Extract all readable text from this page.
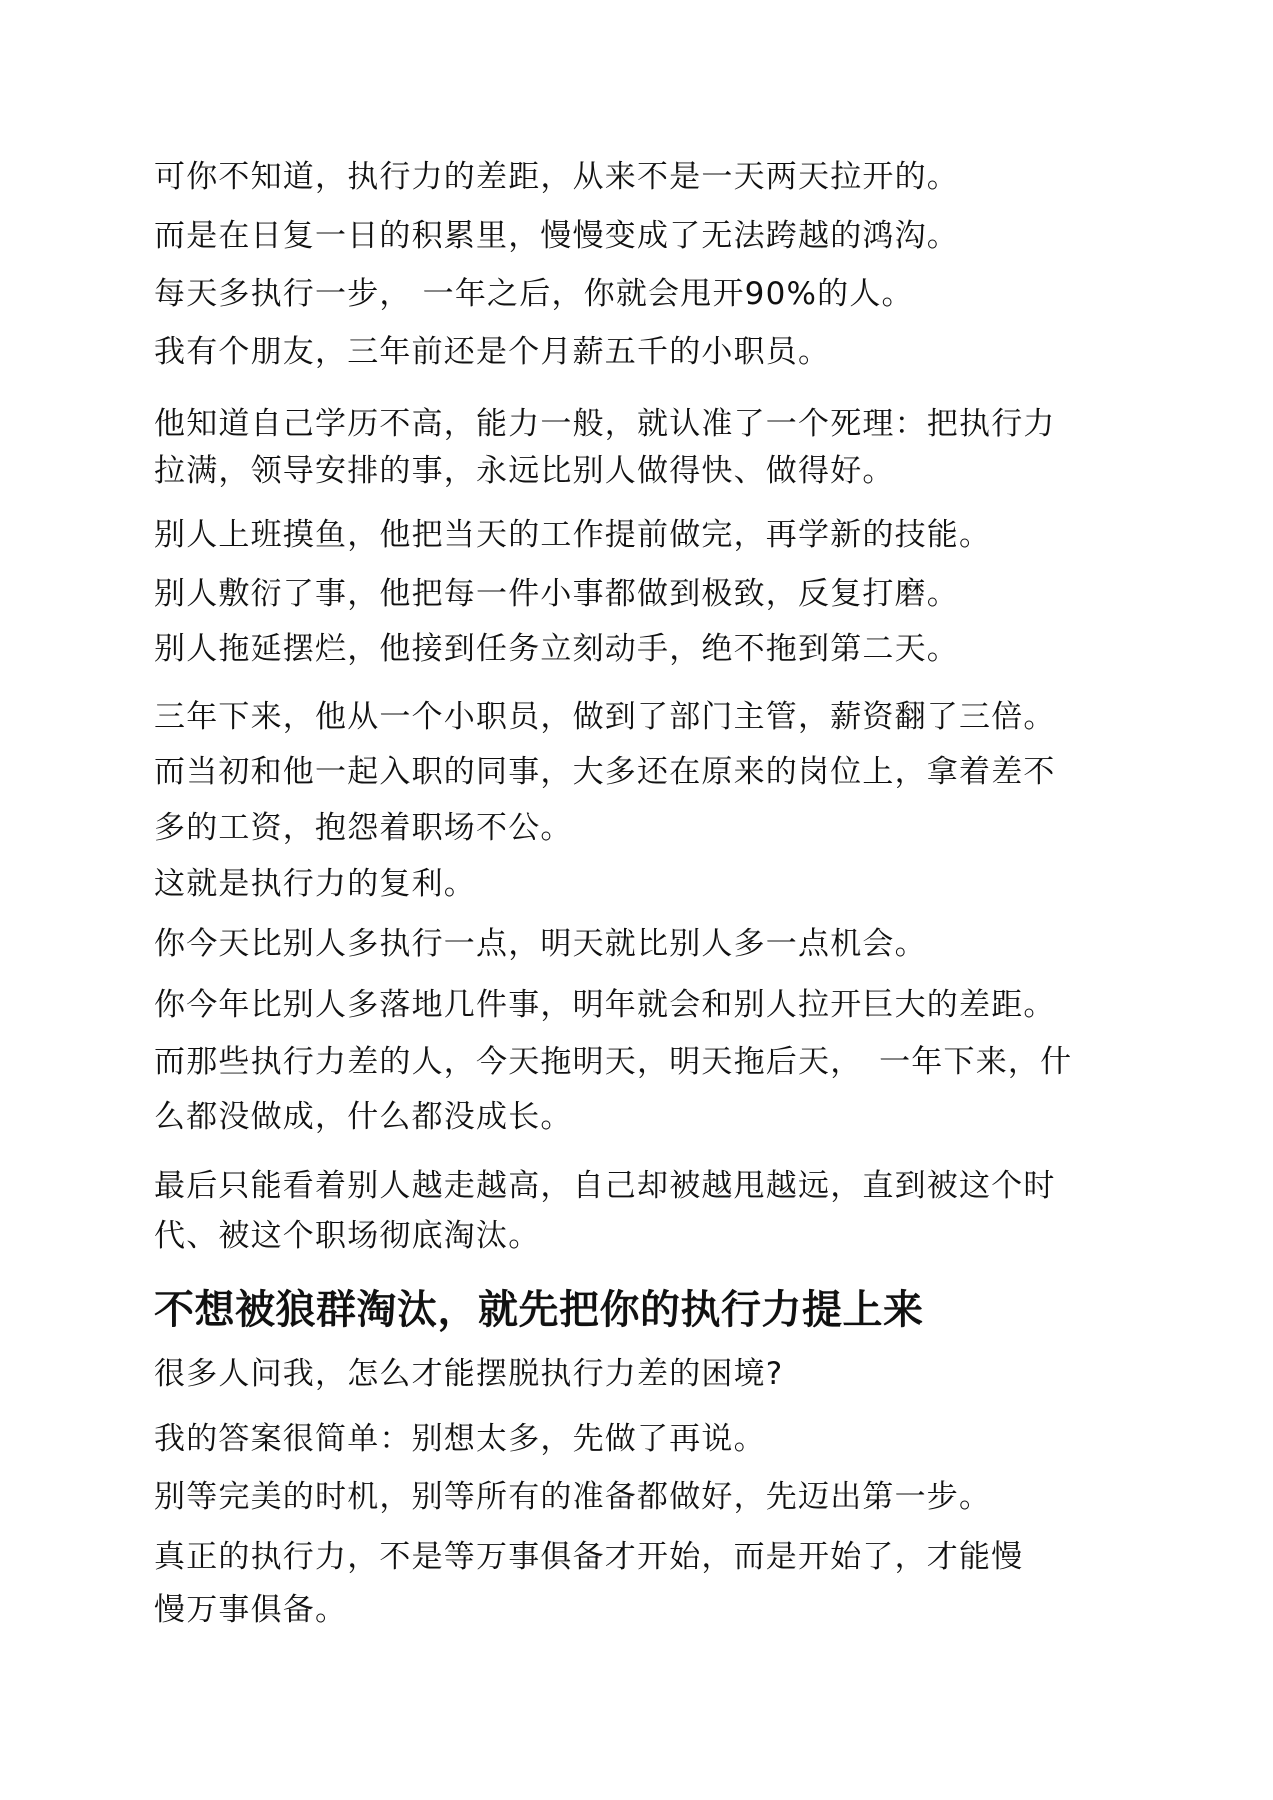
可你不知道，执行力的差距，从来不是一天两天拉开的。
而是在日复一日的积累里，慢慢变成了无法跨越的鸿沟。
每天多执行一步， 一年之后，你就会甩开90%的人。
我有个朋友，三年前还是个月薪五千的小职员。
他知道自己学历不高，能力一般，就认准了一个死理：把执行力
拉满，领导安排的事，永远比别人做得快、做得好。
别人上班摸鱼，他把当天的工作提前做完，再学新的技能。
别人敷衍了事，他把每一件小事都做到极致，反复打磨。
别人拖延摆烂，他接到任务立刻动手，绝不拖到第二天。
三年下来，他从一个小职员，做到了部门主管，薪资翻了三倍。
而当初和他一起入职的同事，大多还在原来的岗位上，拿着差不
多的工资，抱怨着职场不公。
这就是执行力的复利。
你今天比别人多执行一点，明天就比别人多一点机会。
你今年比别人多落地几件事，明年就会和别人拉开巨大的差距。
而那些执行力差的人，今天拖明天，明天拖后天，　一年下来，什
么都没做成，什么都没成长。
最后只能看着别人越走越高，自己却被越甩越远，直到被这个时
代、被这个职场彻底淘汰。
不想被狼群淘汰，就先把你的执行力提上来
很多人问我，怎么才能摆脱执行力差的困境?
我的答案很简单：别想太多，先做了再说。
别等完美的时机，别等所有的准备都做好，先迈出第一步。
真正的执行力，不是等万事俱备才开始，而是开始了，才能慢
慢万事俱备。
